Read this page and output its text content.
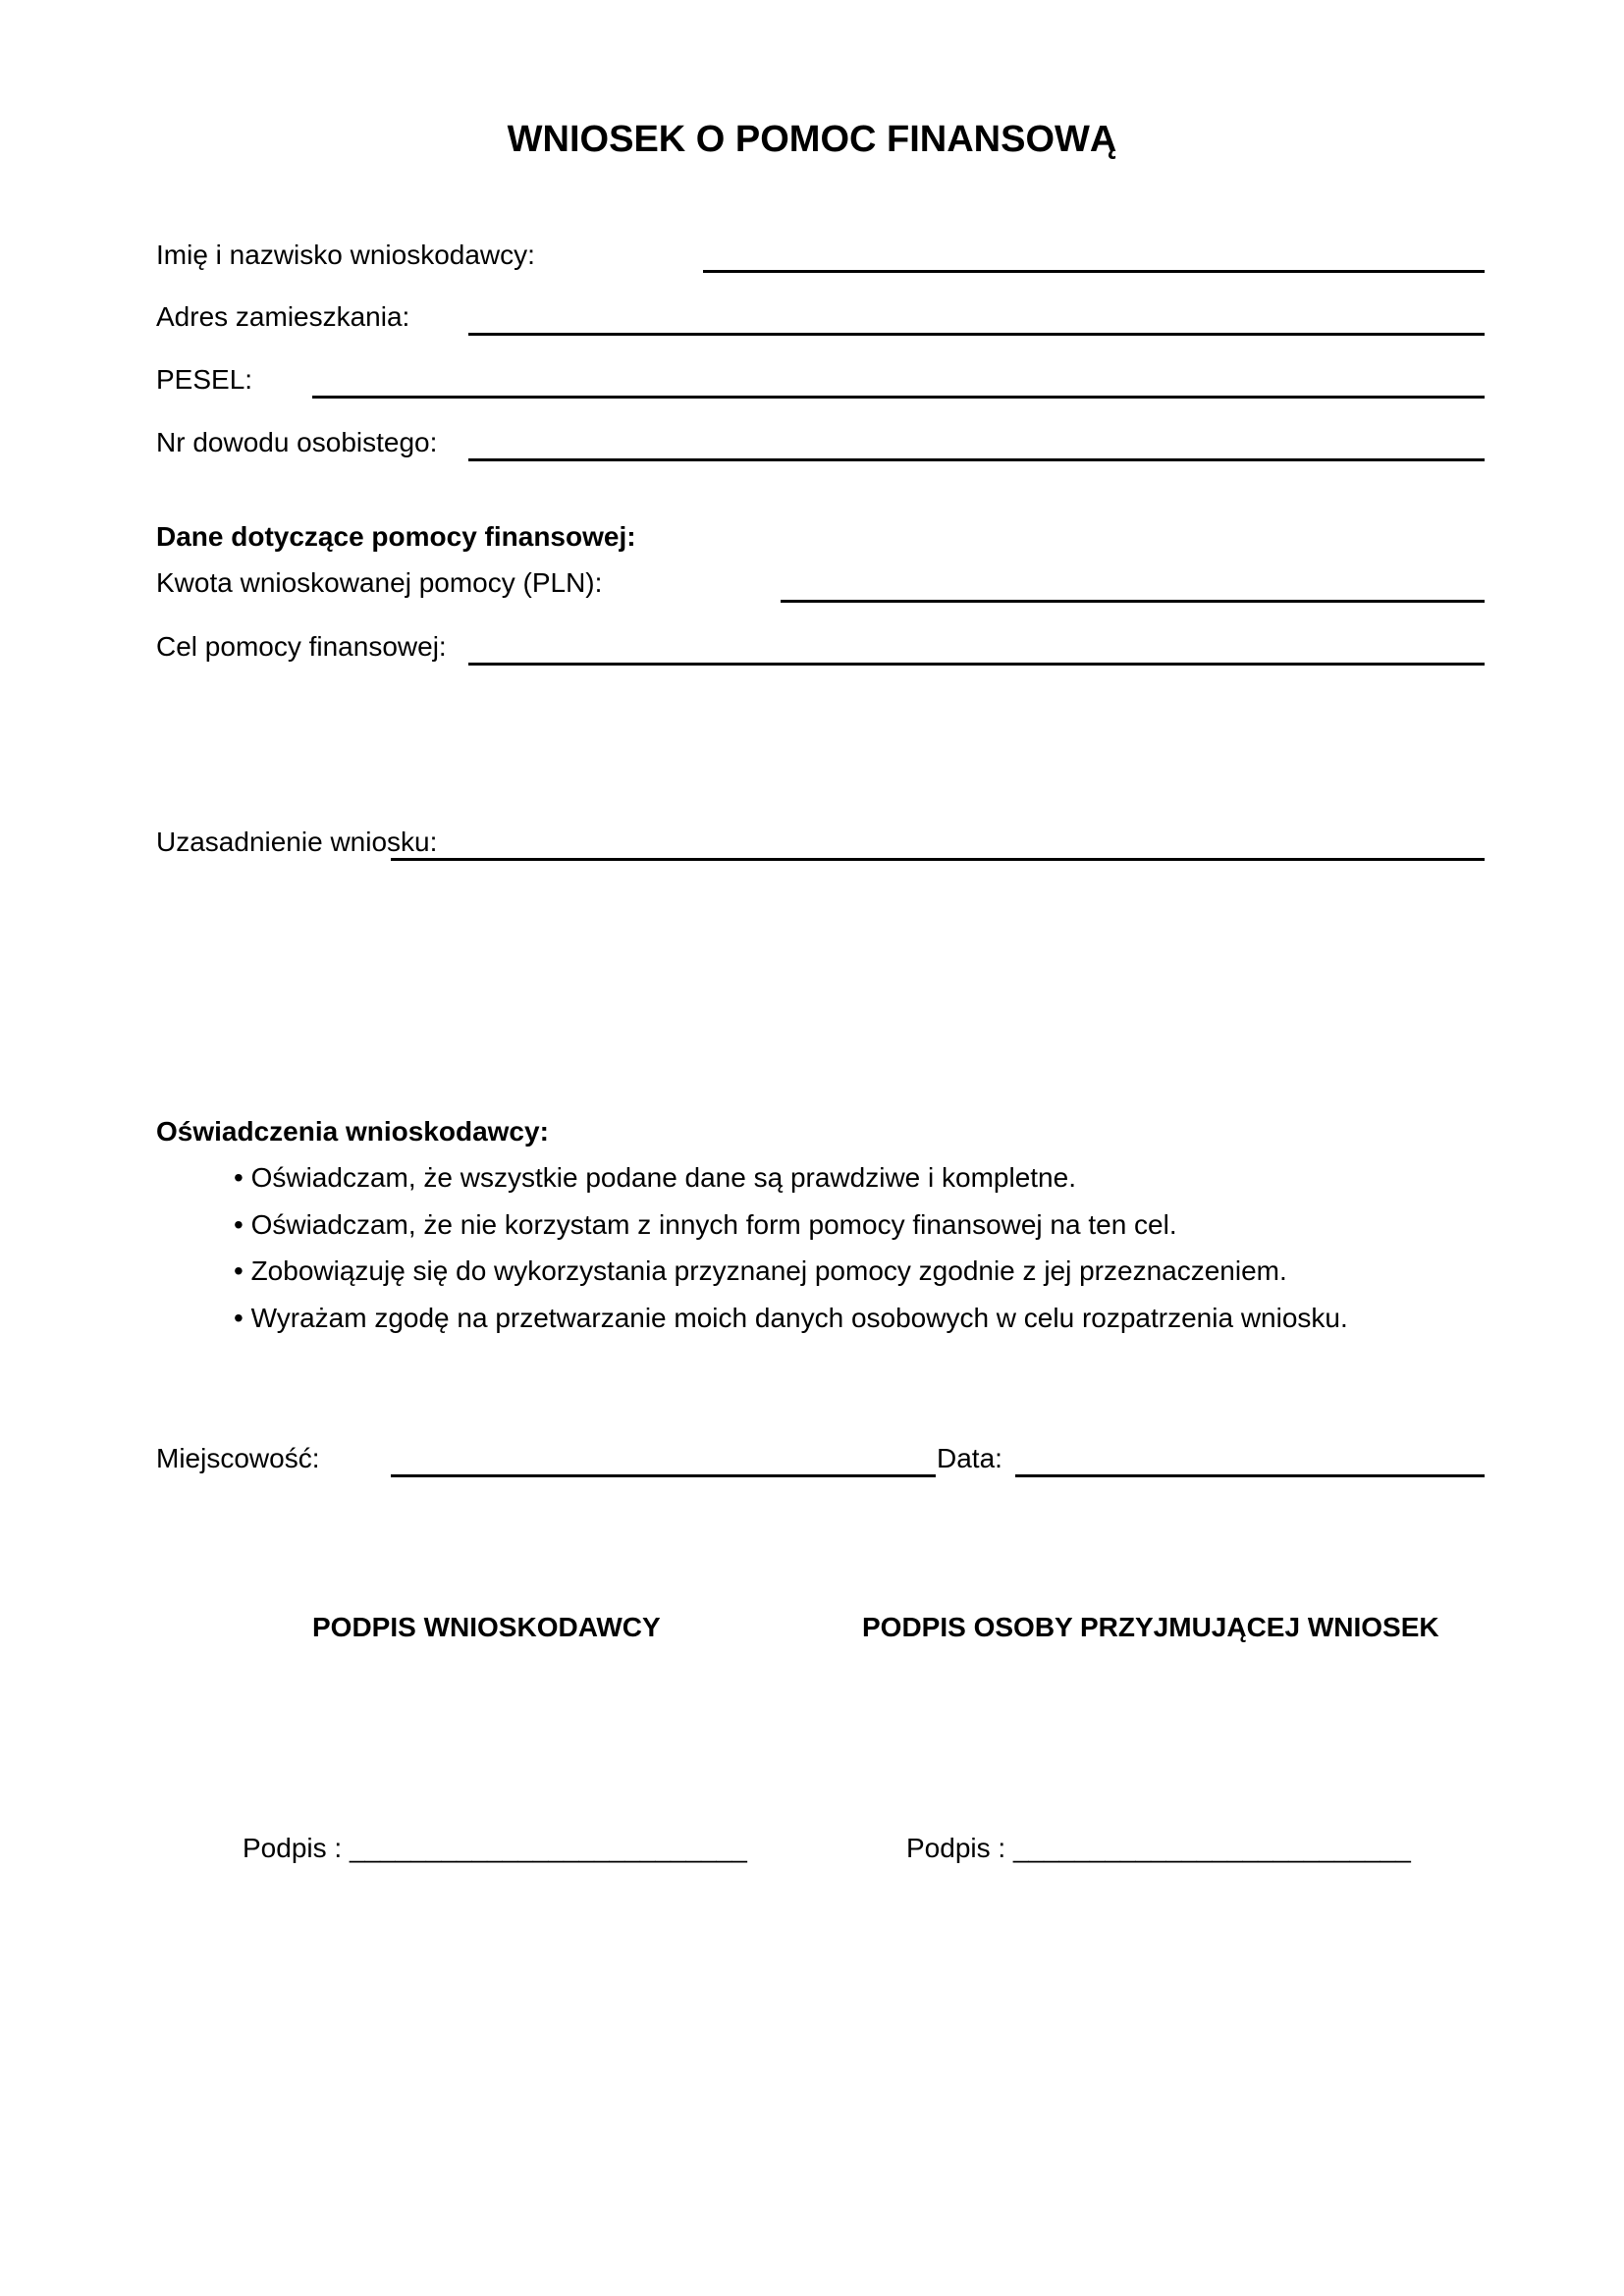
WNIOSEK O POMOC FINANSOWĄ
Imię i nazwisko wnioskodawcy:
Adres zamieszkania:
PESEL:
Nr dowodu osobistego:
Dane dotyczące pomocy finansowej:
Kwota wnioskowanej pomocy (PLN):
Cel pomocy finansowej:
Uzasadnienie wniosku:
Oświadczenia wnioskodawcy:
• Oświadczam, że wszystkie podane dane są prawdziwe i kompletne.
• Oświadczam, że nie korzystam z innych form pomocy finansowej na ten cel.
• Zobowiązuję się do wykorzystania przyznanej pomocy zgodnie z jej przeznaczeniem.
• Wyrażam zgodę na przetwarzanie moich danych osobowych w celu rozpatrzenia wniosku.
Miejscowość:	Data:
PODPIS WNIOSKODAWCY	PODPIS OSOBY PRZYJMUJĄCEJ WNIOSEK
Podpis : __________________________	Podpis : __________________________
